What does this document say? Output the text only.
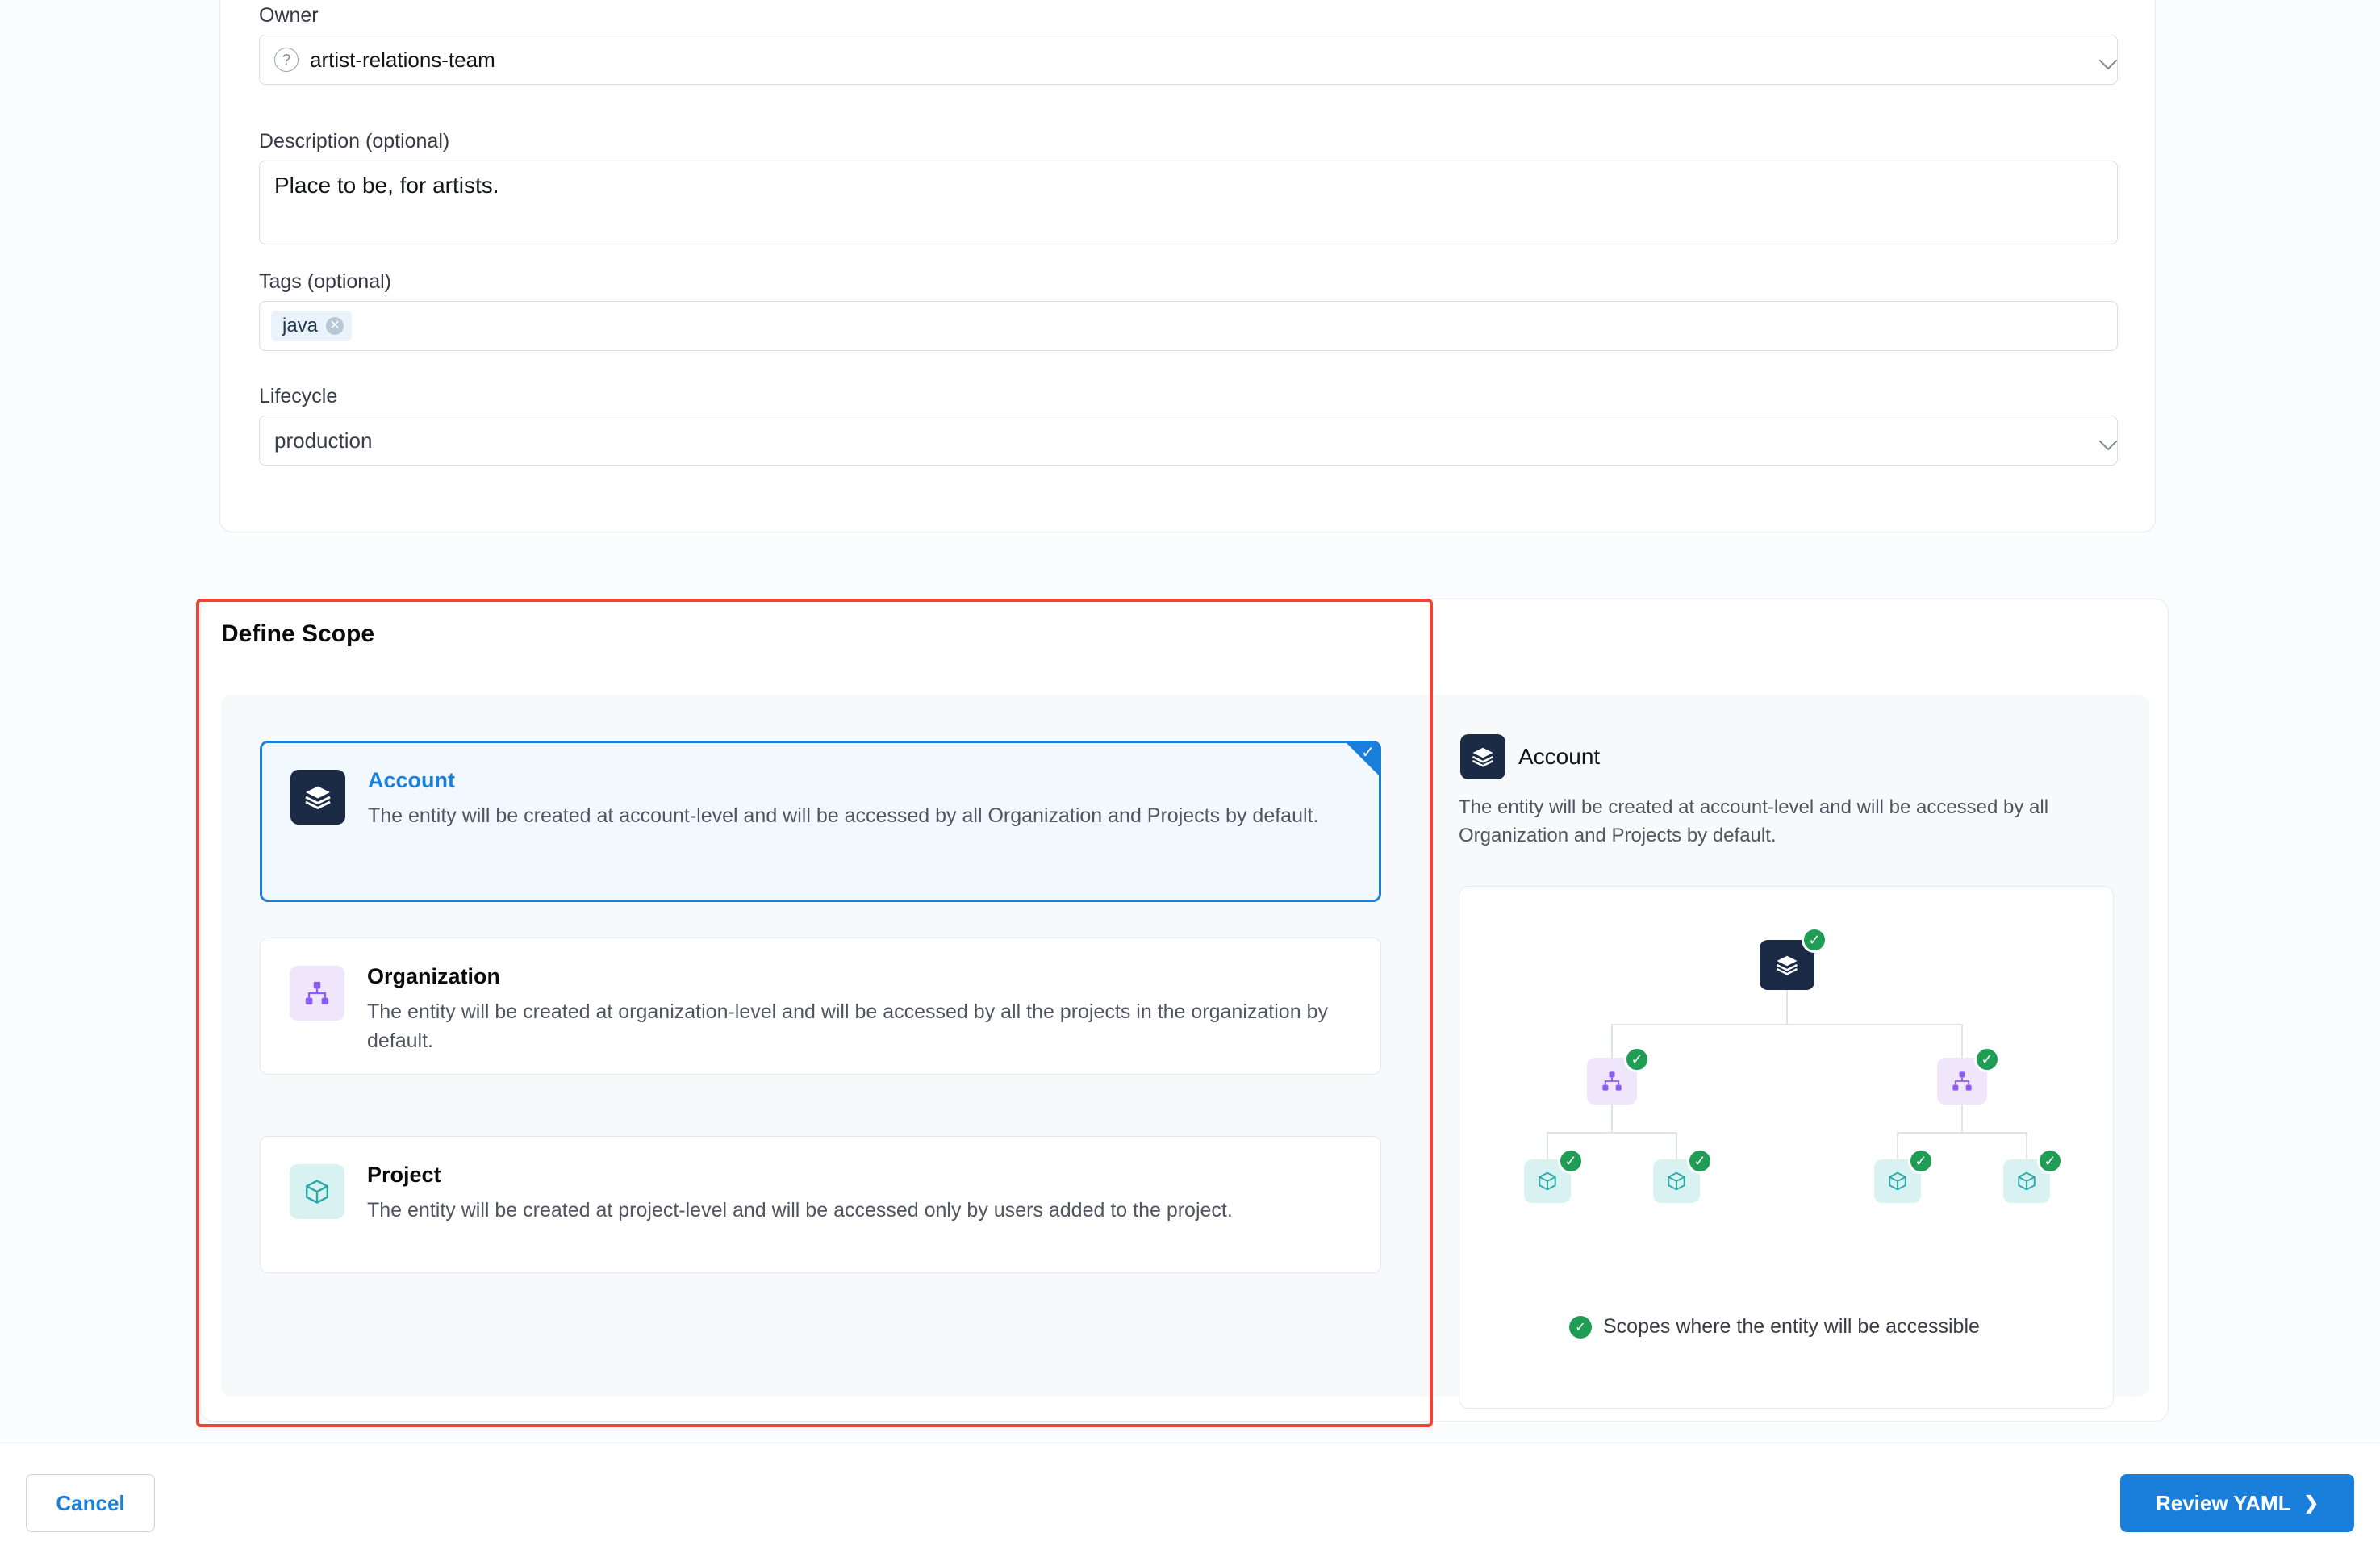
Owner
? artist-relations-team
Description (optional)
Place to be, for artists.
Tags (optional)
java ✕
Lifecycle
production
Define Scope
Account
The entity will be created at account-level and will be accessed by all Organization and Projects by default.
✓
Organization
The entity will be created at organization-level and will be accessed by all the projects in the organization by default.
Project
The entity will be created at project-level and will be accessed only by users added to the project.
Account
The entity will be created at account-level and will be accessed by all Organization and Projects by default.
✓
✓	✓
✓	✓	✓	✓
✓ Scopes where the entity will be accessible
Cancel	Review YAML ❯
